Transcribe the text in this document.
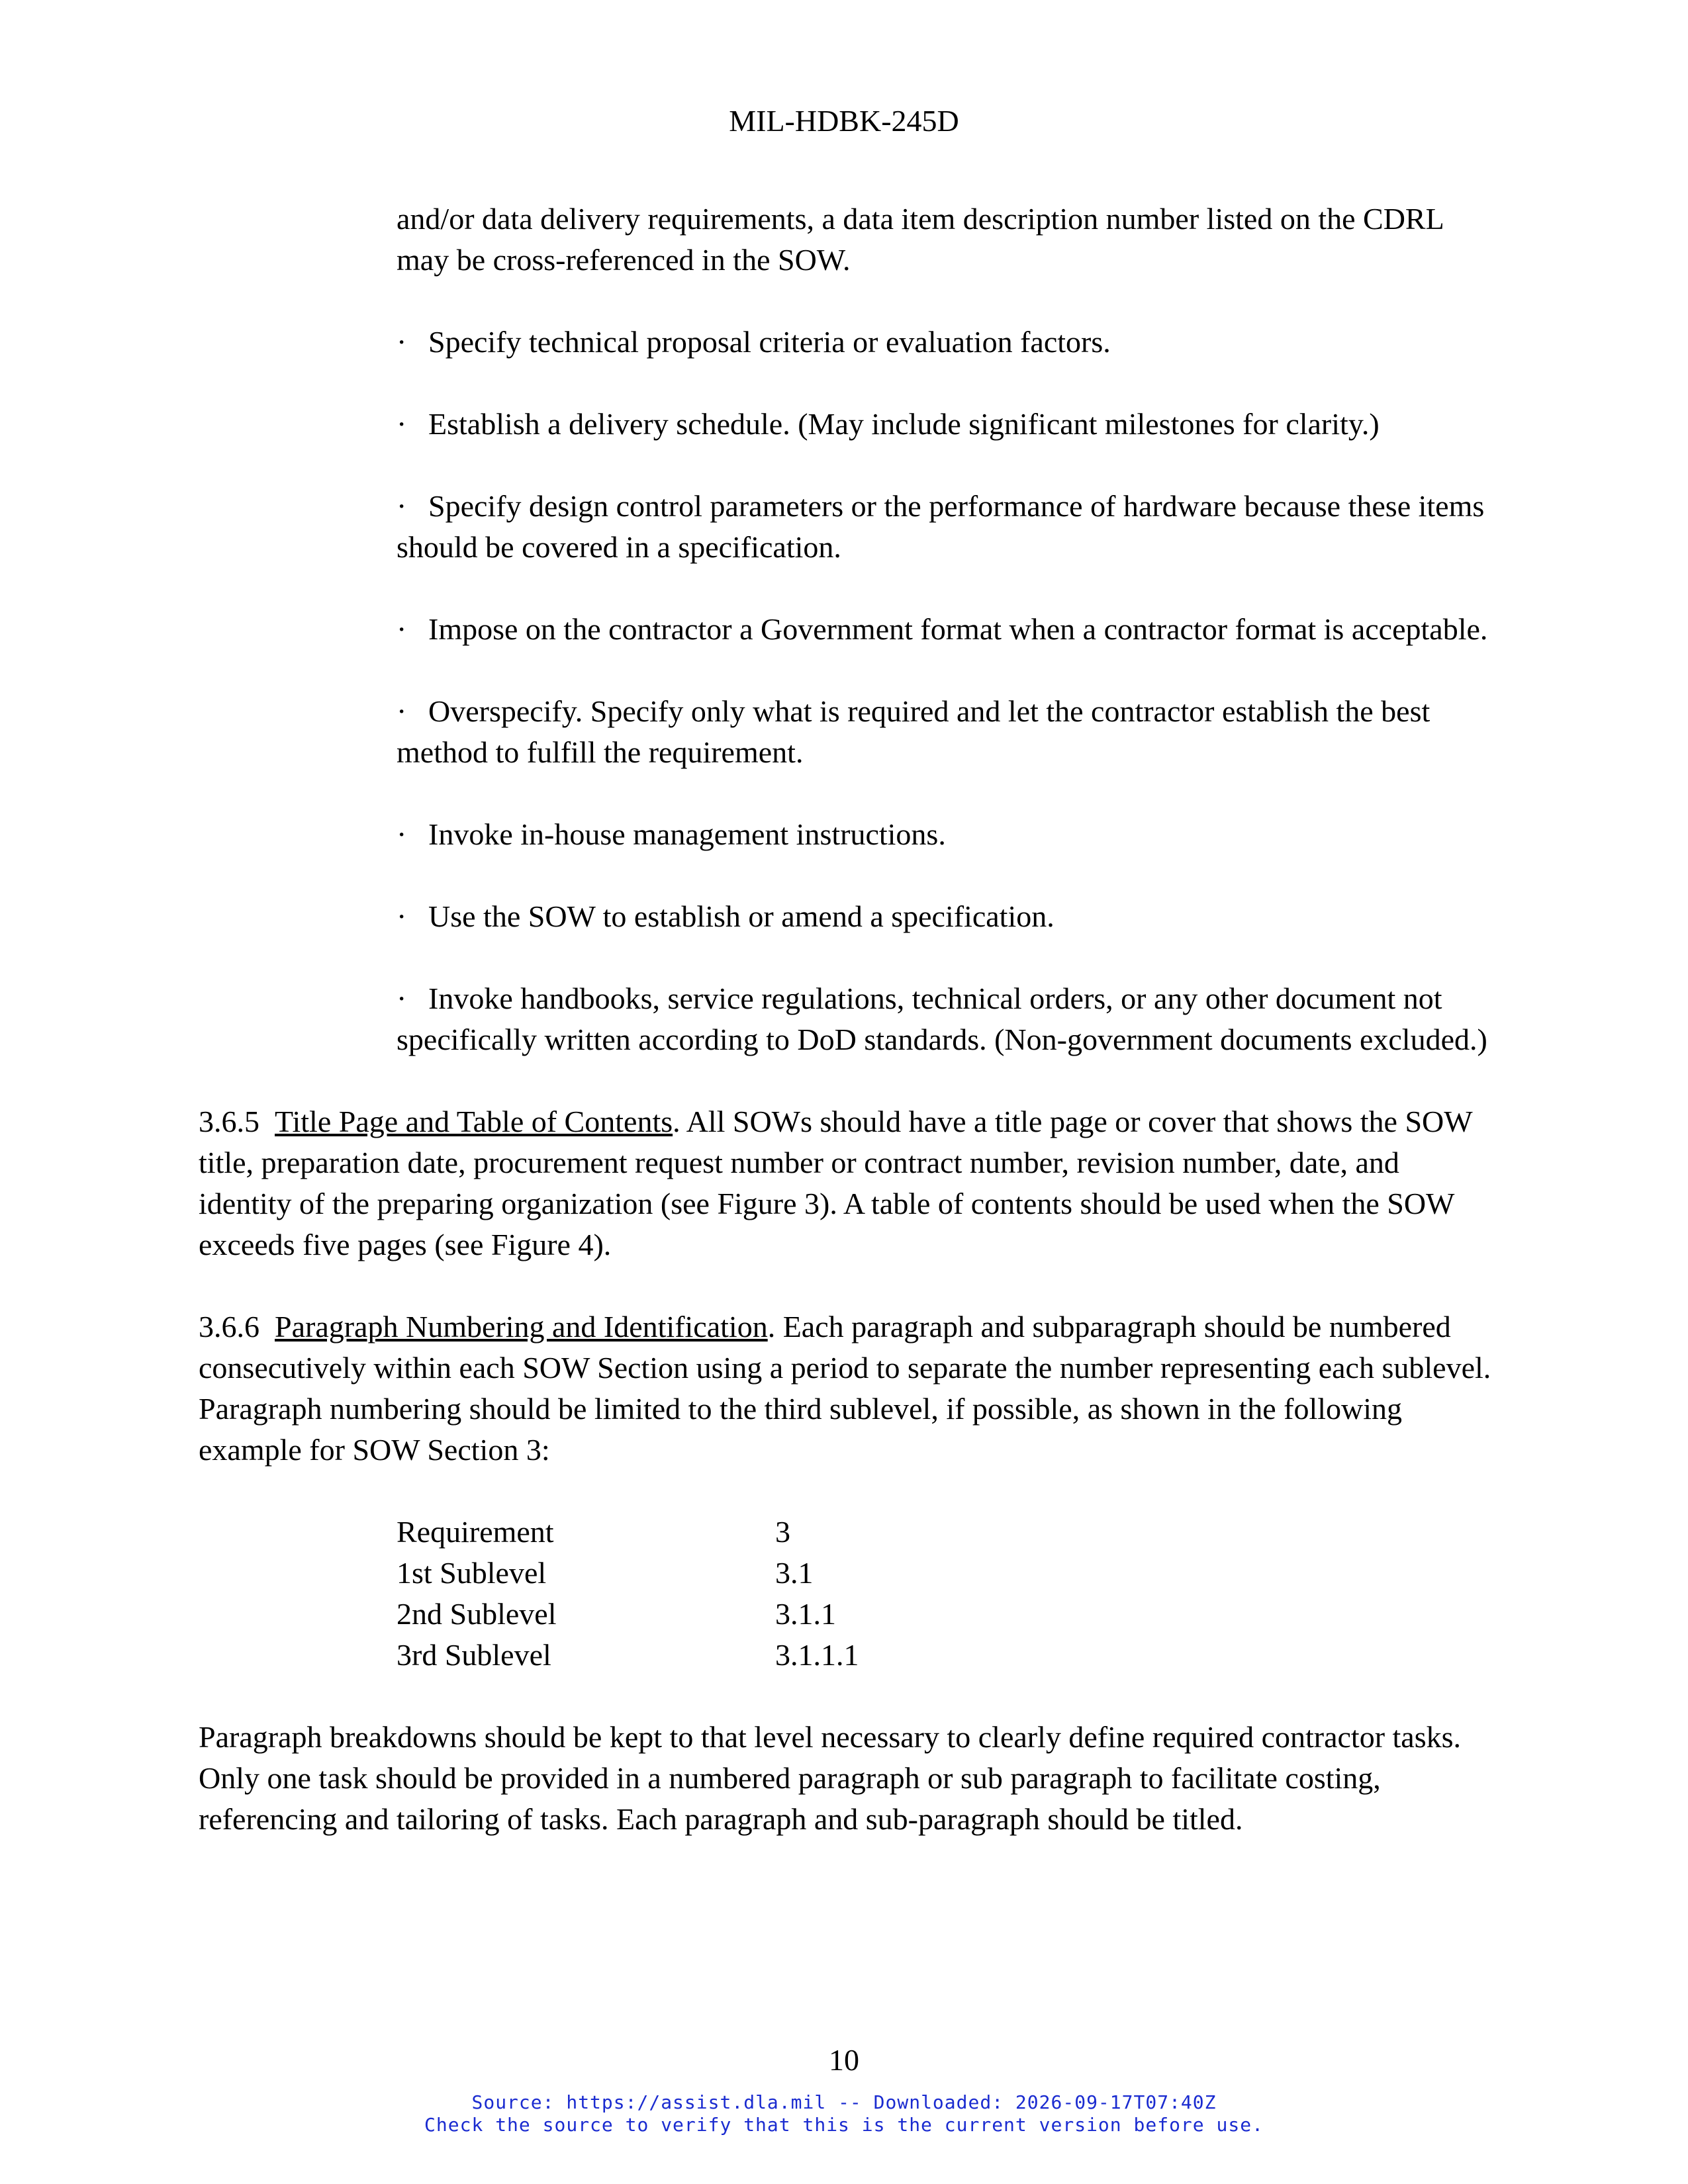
MIL-HDBK-245D

and/or data delivery requirements, a data item description number listed on the CDRL may be cross-referenced in the SOW.

· Specify technical proposal criteria or evaluation factors.

· Establish a delivery schedule. (May include significant milestones for clarity.)

· Specify design control parameters or the performance of hardware because these items should be covered in a specification.

· Impose on the contractor a Government format when a contractor format is acceptable.

· Overspecify. Specify only what is required and let the contractor establish the best method to fulfill the requirement.

· Invoke in-house management instructions.

· Use the SOW to establish or amend a specification.

· Invoke handbooks, service regulations, technical orders, or any other document not specifically written according to DoD standards. (Non-government documents excluded.)

3.6.5 Title Page and Table of Contents. All SOWs should have a title page or cover that shows the SOW title, preparation date, procurement request number or contract number, revision number, date, and identity of the preparing organization (see Figure 3). A table of contents should be used when the SOW exceeds five pages (see Figure 4).

3.6.6 Paragraph Numbering and Identification. Each paragraph and subparagraph should be numbered consecutively within each SOW Section using a period to separate the number representing each sublevel. Paragraph numbering should be limited to the third sublevel, if possible, as shown in the following example for SOW Section 3:

Requirement	3
1st Sublevel	3.1
2nd Sublevel	3.1.1
3rd Sublevel	3.1.1.1

Paragraph breakdowns should be kept to that level necessary to clearly define required contractor tasks. Only one task should be provided in a numbered paragraph or sub paragraph to facilitate costing, referencing and tailoring of tasks. Each paragraph and sub-paragraph should be titled.

10
Source: https://assist.dla.mil -- Downloaded: 2026-09-17T07:40Z
Check the source to verify that this is the current version before use.
